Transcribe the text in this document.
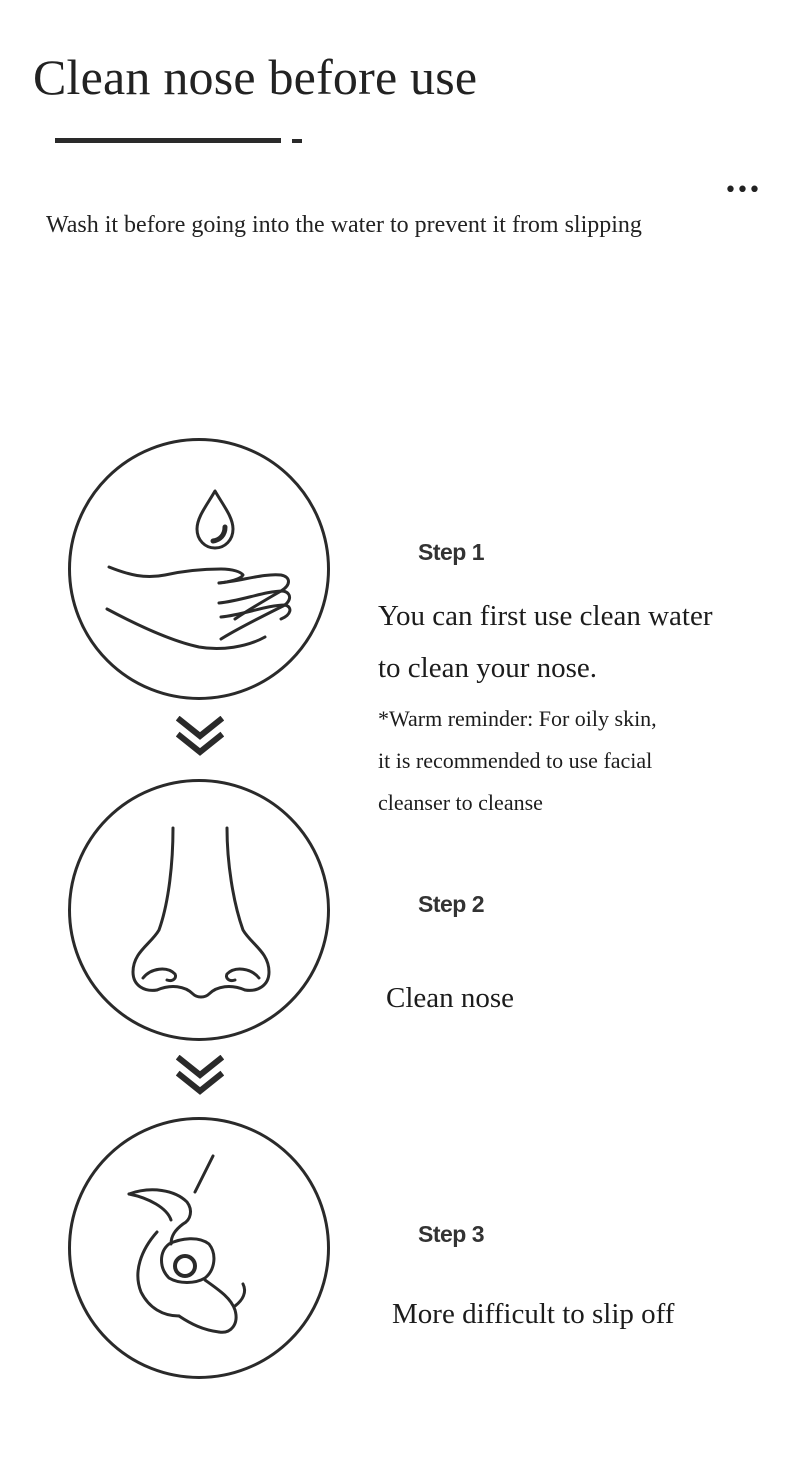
Clean nose before use
•••
Wash it before going into the water to prevent it from slipping
Step 1
You can first use clean water
to clean your nose.
*Warm reminder: For oily skin,
it is recommended to use facial
cleanser to cleanse
Step 2
Clean nose
Step 3
More difficult to slip off
